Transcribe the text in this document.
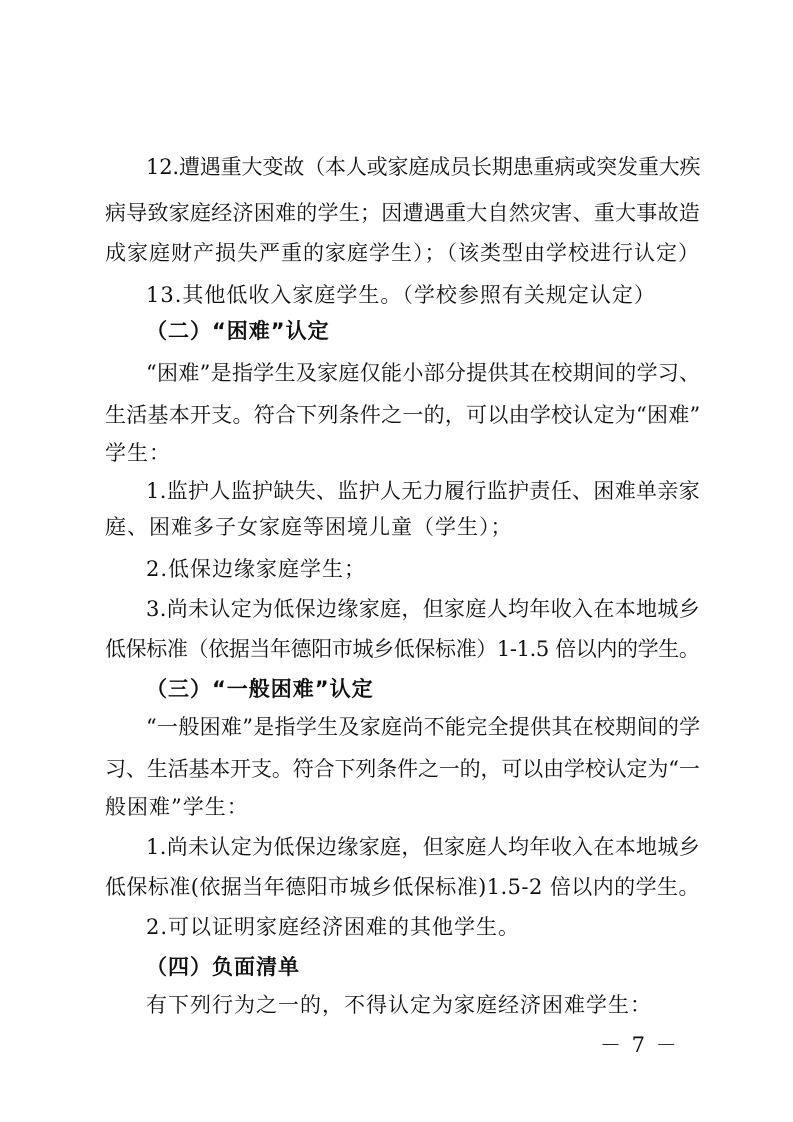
12.遭遇重大变故（本人或家庭成员长期患重病或突发重大疾
病导致家庭经济困难的学生；因遭遇重大自然灾害、重大事故造
成家庭财产损失严重的家庭学生）；（该类型由学校进行认定）
13.其他低收入家庭学生。（学校参照有关规定认定）
（二）“困难”认定
“困难”是指学生及家庭仅能小部分提供其在校期间的学习、
生活基本开支。符合下列条件之一的，可以由学校认定为“困难”
学生：
1.监护人监护缺失、监护人无力履行监护责任、困难单亲家
庭、困难多子女家庭等困境儿童（学生）；
2.低保边缘家庭学生；
3.尚未认定为低保边缘家庭，但家庭人均年收入在本地城乡
低保标准（依据当年德阳市城乡低保标准）1-1.5 倍以内的学生。
（三）“一般困难”认定
“一般困难”是指学生及家庭尚不能完全提供其在校期间的学
习、生活基本开支。符合下列条件之一的，可以由学校认定为“一
般困难”学生：
1.尚未认定为低保边缘家庭，但家庭人均年收入在本地城乡
低保标准(依据当年德阳市城乡低保标准)1.5-2 倍以内的学生。
2.可以证明家庭经济困难的其他学生。
（四）负面清单
有下列行为之一的，不得认定为家庭经济困难学生：
－ 7 －
